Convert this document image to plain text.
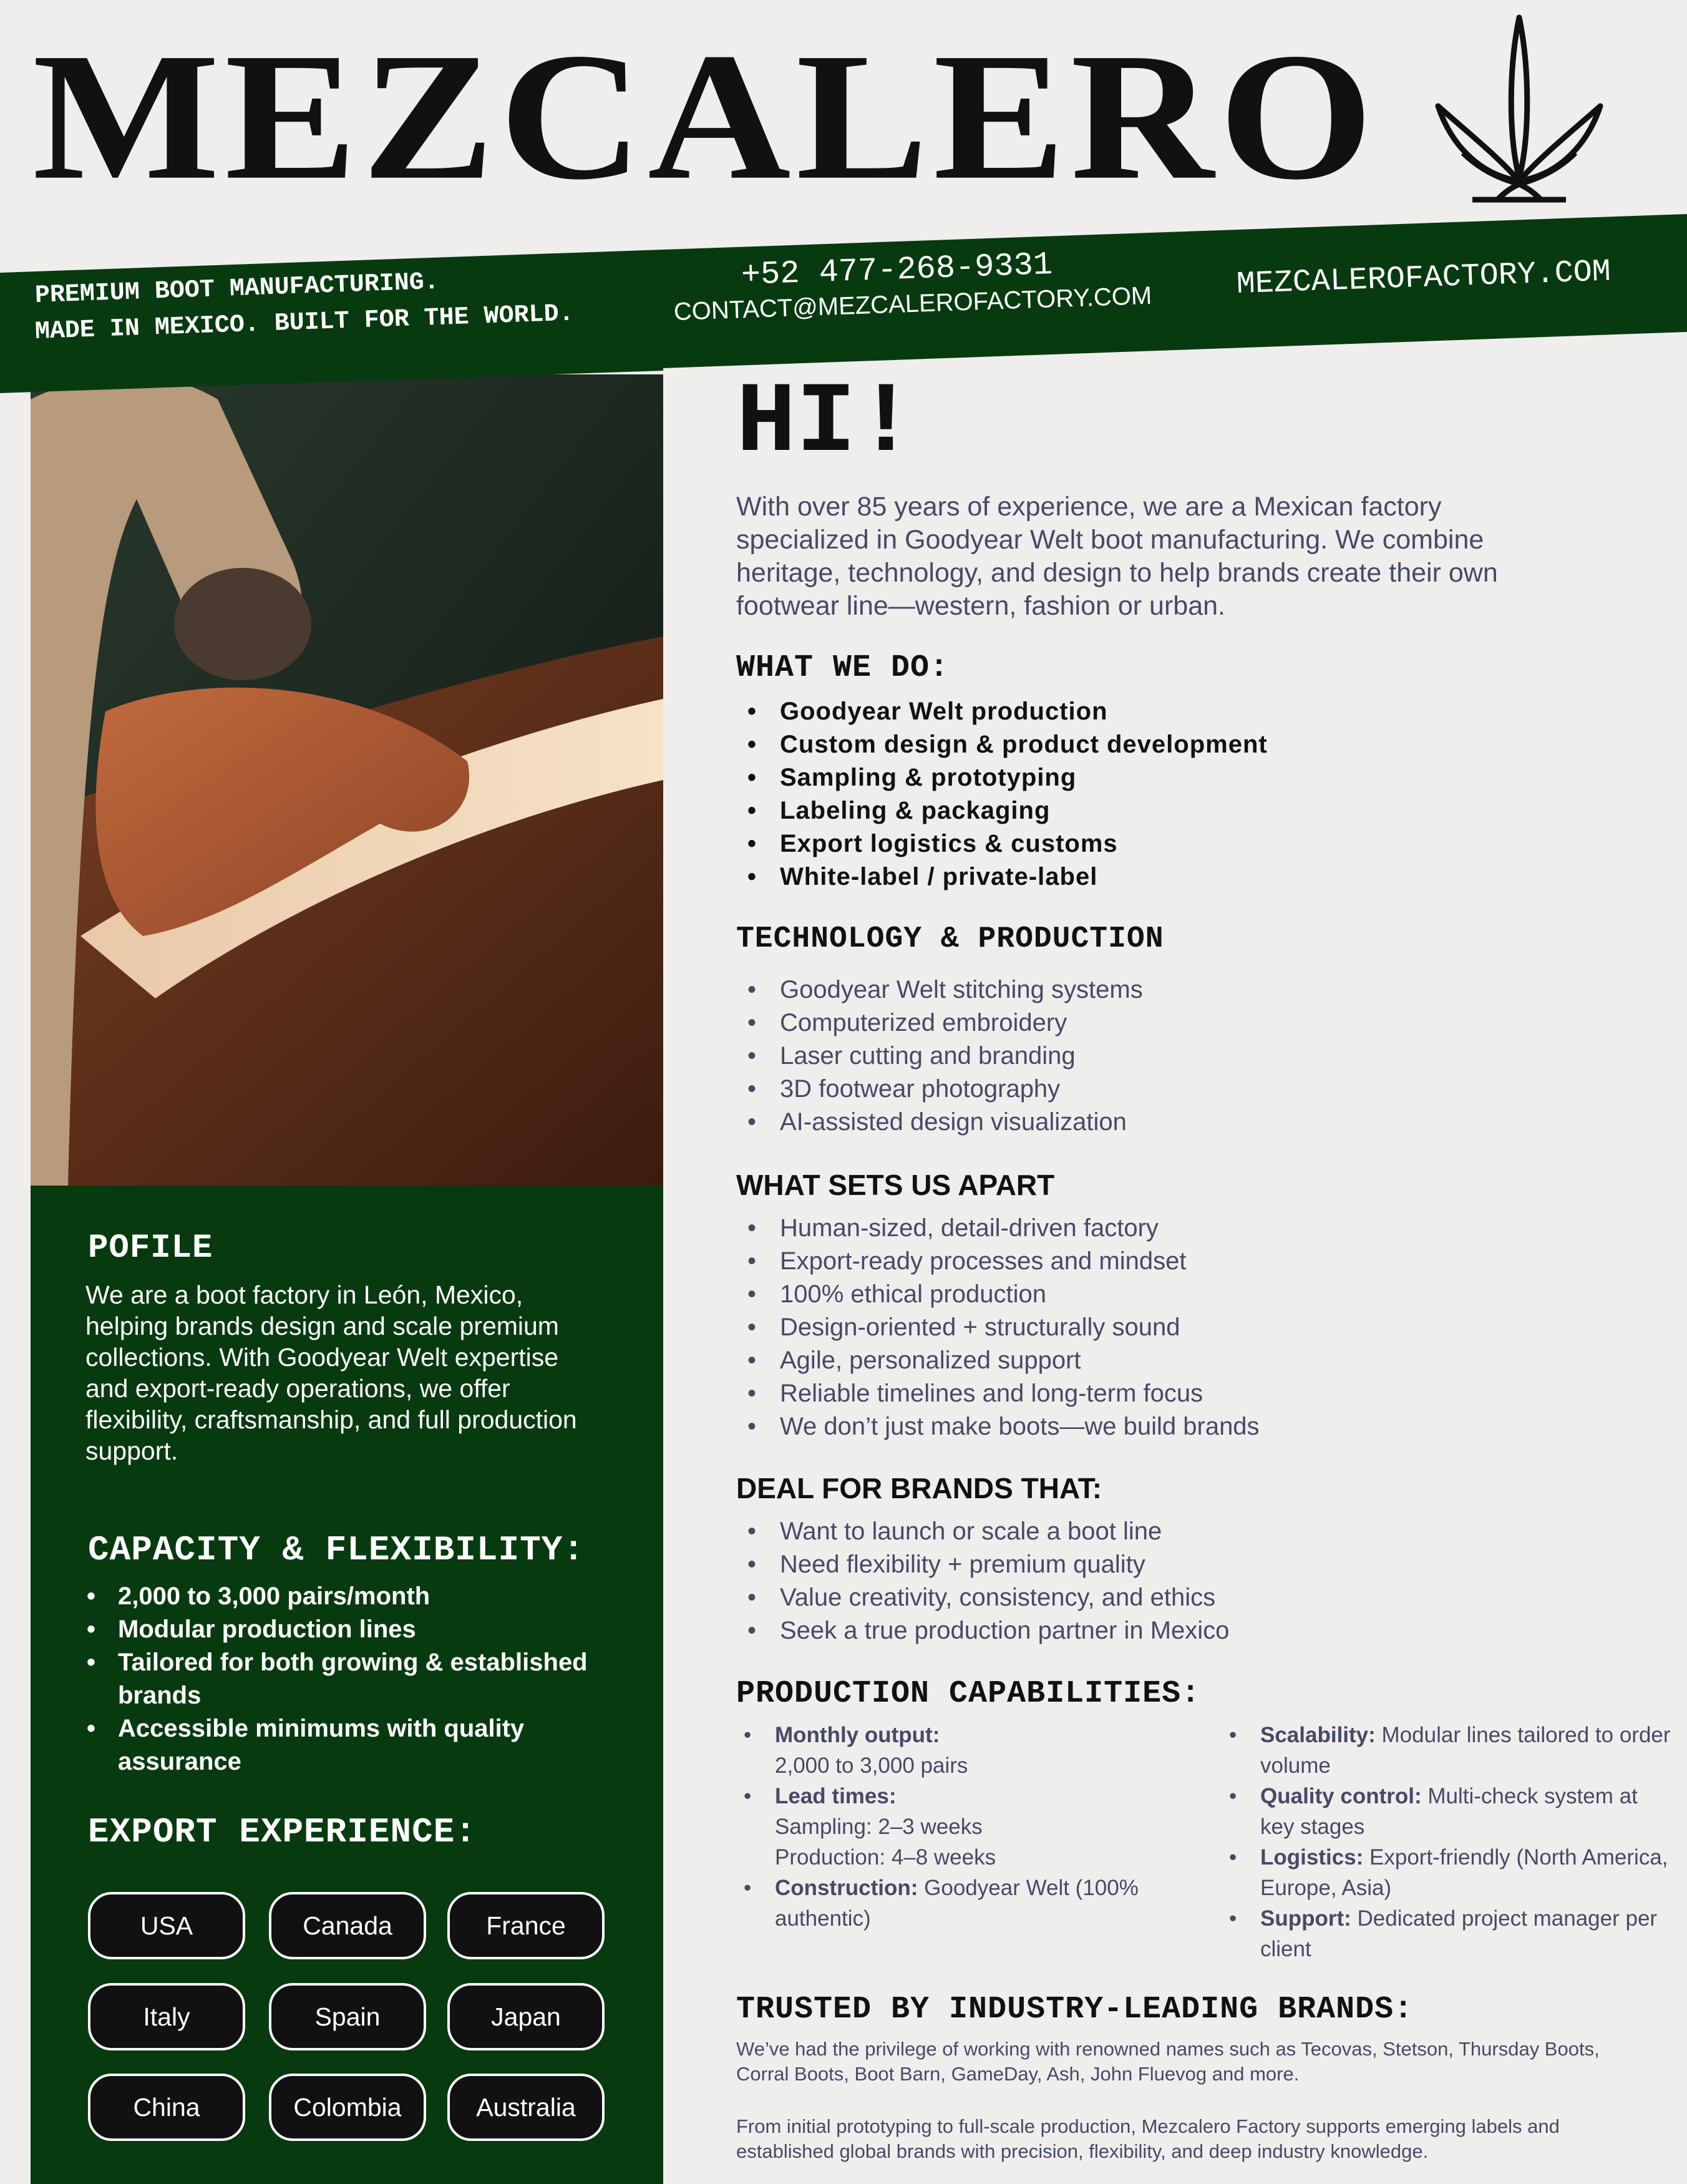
MEZCALERO
PREMIUM BOOT MANUFACTURING.
MADE IN MEXICO. BUILT FOR THE WORLD.
+52 477-268-9331
CONTACT@MEZCALEROFACTORY.COM
MEZCALEROFACTORY.COM
POFILE
We are a boot factory in León, Mexico, helping brands design and scale premium collections. With Goodyear Welt expertise and export-ready operations, we offer flexibility, craftsmanship, and full production support.
CAPACITY & FLEXIBILITY:
• 2,000 to 3,000 pairs/month
• Modular production lines
• Tailored for both growing & established brands
• Accessible minimums with quality assurance
EXPORT EXPERIENCE:
USA	Canada	France
Italy	Spain	Japan
China	Colombia	Australia
HI!
With over 85 years of experience, we are a Mexican factory specialized in Goodyear Welt boot manufacturing. We combine heritage, technology, and design to help brands create their own footwear line—western, fashion or urban.
WHAT WE DO:
• Goodyear Welt production
• Custom design & product development
• Sampling & prototyping
• Labeling & packaging
• Export logistics & customs
• White-label / private-label
TECHNOLOGY & PRODUCTION
• Goodyear Welt stitching systems
• Computerized embroidery
• Laser cutting and branding
• 3D footwear photography
• AI-assisted design visualization
WHAT SETS US APART
• Human-sized, detail-driven factory
• Export-ready processes and mindset
• 100% ethical production
• Design-oriented + structurally sound
• Agile, personalized support
• Reliable timelines and long-term focus
• We don’t just make boots—we build brands
DEAL FOR BRANDS THAT:
• Want to launch or scale a boot line
• Need flexibility + premium quality
• Value creativity, consistency, and ethics
• Seek a true production partner in Mexico
PRODUCTION CAPABILITIES:
• Monthly output:
2,000 to 3,000 pairs
• Lead times:
Sampling: 2–3 weeks
Production: 4–8 weeks
• Construction: Goodyear Welt (100% authentic)
• Scalability: Modular lines tailored to order volume
• Quality control: Multi-check system at key stages
• Logistics: Export-friendly (North America, Europe, Asia)
• Support: Dedicated project manager per client
TRUSTED BY INDUSTRY-LEADING BRANDS:
We’ve had the privilege of working with renowned names such as Tecovas, Stetson, Thursday Boots, Corral Boots, Boot Barn, GameDay, Ash, John Fluevog and more.
From initial prototyping to full-scale production, Mezcalero Factory supports emerging labels and established global brands with precision, flexibility, and deep industry knowledge.
